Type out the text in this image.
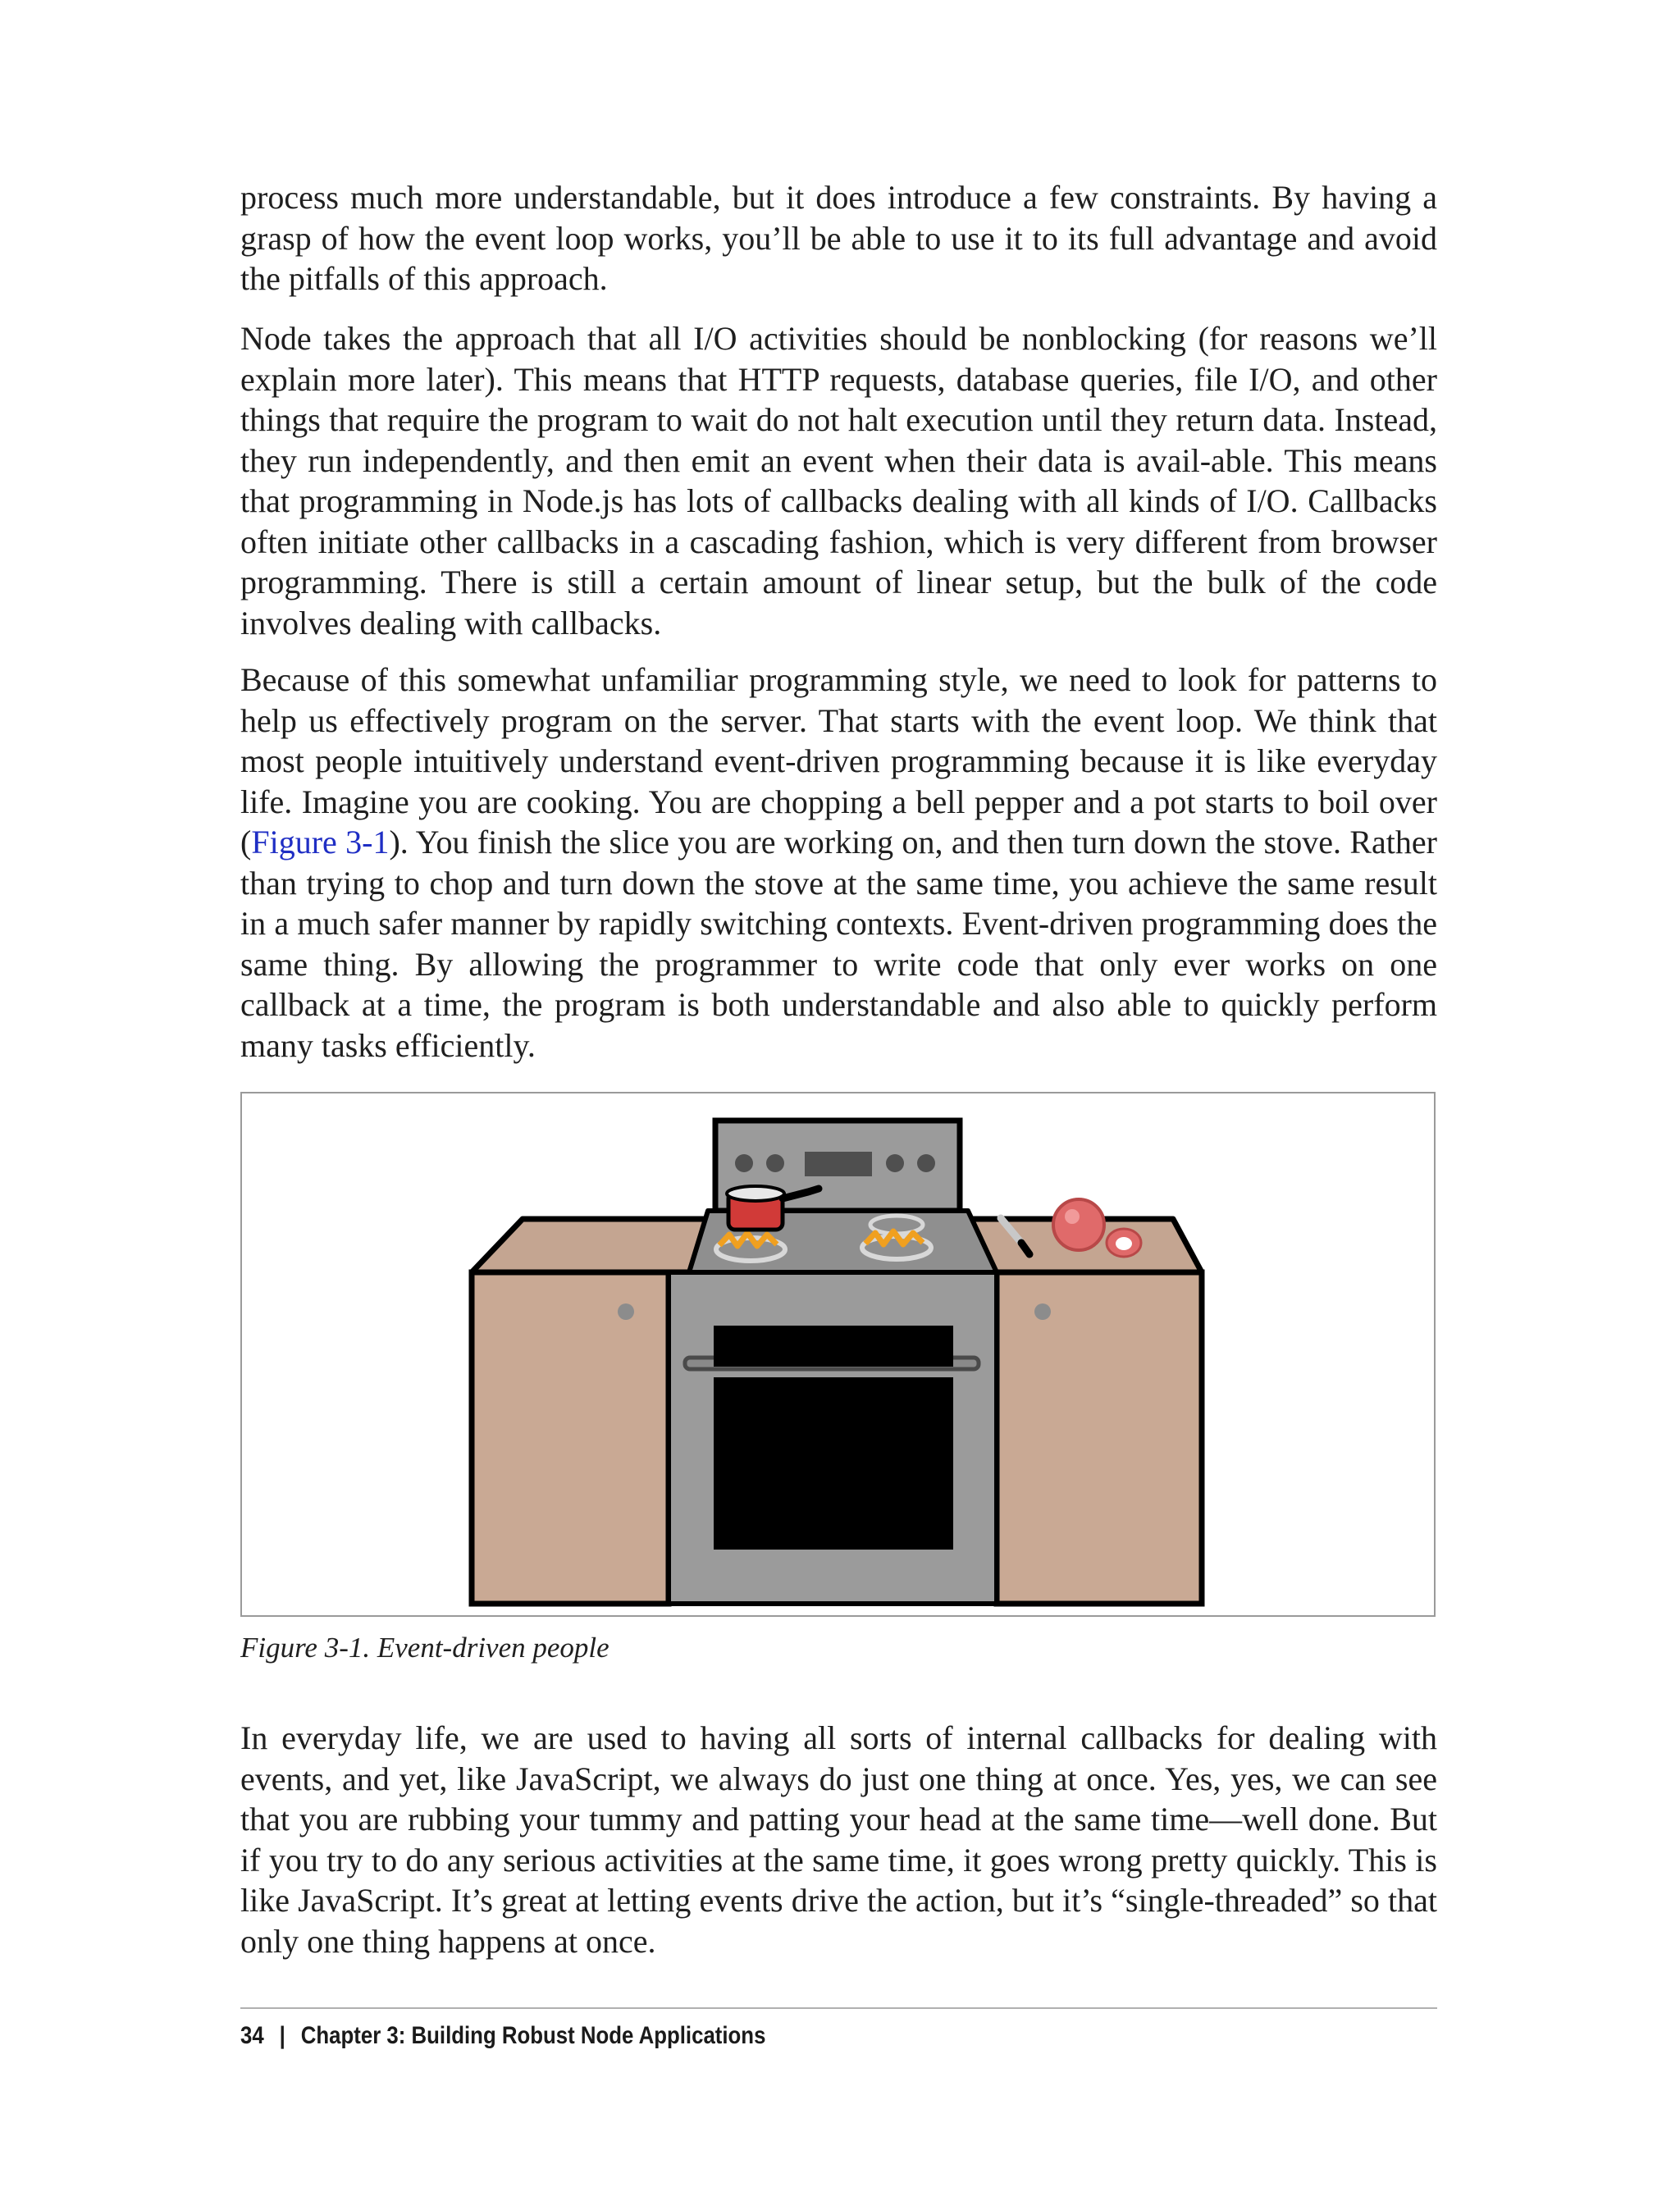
process much more understandable, but it does introduce a few constraints. By having a grasp of how the event loop works, you’ll be able to use it to its full advantage and avoid the pitfalls of this approach.

Node takes the approach that all I/O activities should be nonblocking (for reasons we’ll explain more later). This means that HTTP requests, database queries, file I/O, and other things that require the program to wait do not halt execution until they return data. Instead, they run independently, and then emit an event when their data is avail-able. This means that programming in Node.js has lots of callbacks dealing with all kinds of I/O. Callbacks often initiate other callbacks in a cascading fashion, which is very different from browser programming. There is still a certain amount of linear setup, but the bulk of the code involves dealing with callbacks.

Because of this somewhat unfamiliar programming style, we need to look for patterns to help us effectively program on the server. That starts with the event loop. We think that most people intuitively understand event-driven programming because it is like everyday life. Imagine you are cooking. You are chopping a bell pepper and a pot starts to boil over (Figure 3-1). You finish the slice you are working on, and then turn down the stove. Rather than trying to chop and turn down the stove at the same time, you achieve the same result in a much safer manner by rapidly switching contexts. Event-driven programming does the same thing. By allowing the programmer to write code that only ever works on one callback at a time, the program is both understandable and also able to quickly perform many tasks efficiently.

Figure 3-1. Event-driven people

In everyday life, we are used to having all sorts of internal callbacks for dealing with events, and yet, like JavaScript, we always do just one thing at once. Yes, yes, we can see that you are rubbing your tummy and patting your head at the same time—well done. But if you try to do any serious activities at the same time, it goes wrong pretty quickly. This is like JavaScript. It’s great at letting events drive the action, but it’s “single-threaded” so that only one thing happens at once.

34 | Chapter 3: Building Robust Node Applications
